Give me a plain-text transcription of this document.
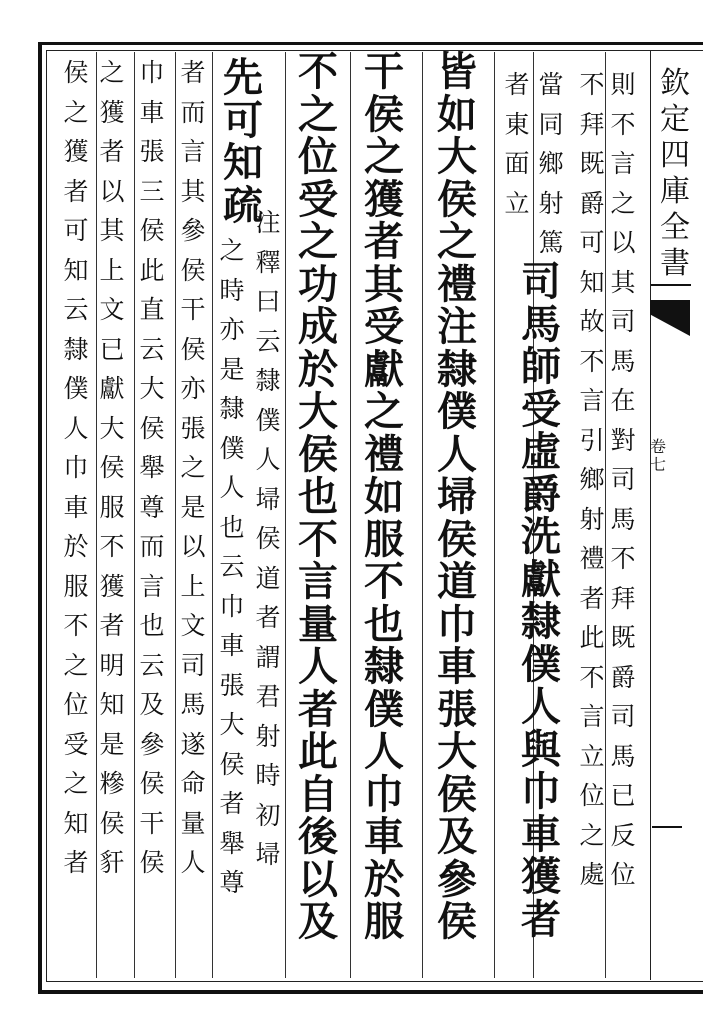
則
不
言
之
以
其
司
馬
在
對
司
馬
不
拜
既
爵
司
馬
已
反
位
不
拜
既
爵
可
知
故
不
言
引
鄉
射
禮
者
此
不
言
立
位
之
處
當
同
鄉
射
篤
者
東
面
立
司
馬
師
受
虛
爵
洗
獻
隸
僕
人
與
巾
車
獲
者
皆
如
大
侯
之
禮
注
隸
僕
人
埽
侯
道
巾
車
張
大
侯
及
參
侯
干
侯
之
獲
者
其
受
獻
之
禮
如
服
不
也
隸
僕
人
巾
車
於
服
不
之
位
受
之
功
成
於
大
侯
也
不
言
量
人
者
此
自
後
以
及
先
可
知
疏
注
釋
曰
云
隸
僕
人
埽
侯
道
者
謂
君
射
時
初
埽
之
時
亦
是
隸
僕
人
也
云
巾
車
張
大
侯
者
舉
尊
者
而
言
其
參
侯
干
侯
亦
張
之
是
以
上
文
司
馬
遂
命
量
人
巾
車
張
三
侯
此
直
云
大
侯
舉
尊
而
言
也
云
及
參
侯
干
侯
之
獲
者
以
其
上
文
已
獻
大
侯
服
不
獲
者
明
知
是
糝
侯
豻
侯
之
獲
者
可
知
云
隸
僕
人
巾
車
於
服
不
之
位
受
之
知
者
欽
定
四
庫
全
書
卷
七
